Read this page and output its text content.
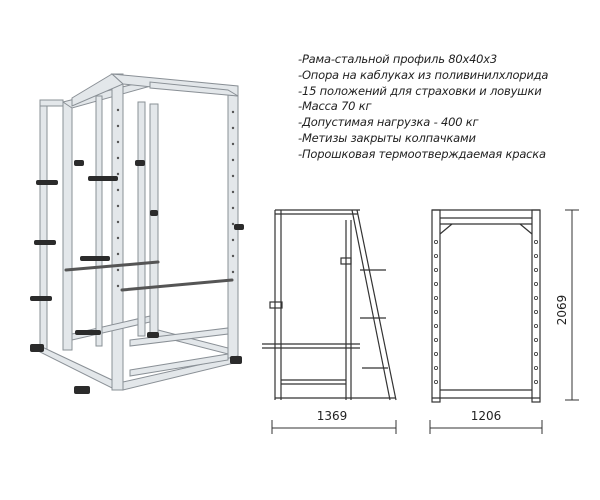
1369	1206
2069
-Рама-стальной профиль 80х40х3
-Опора на каблуках из поливинилхлорида
-15 положений для страховки и ловушки
-Масса 70 кг
-Допустимая нагрузка - 400 кг
-Метизы закрыты колпачками
-Порошковая термоотверждаемая краска
